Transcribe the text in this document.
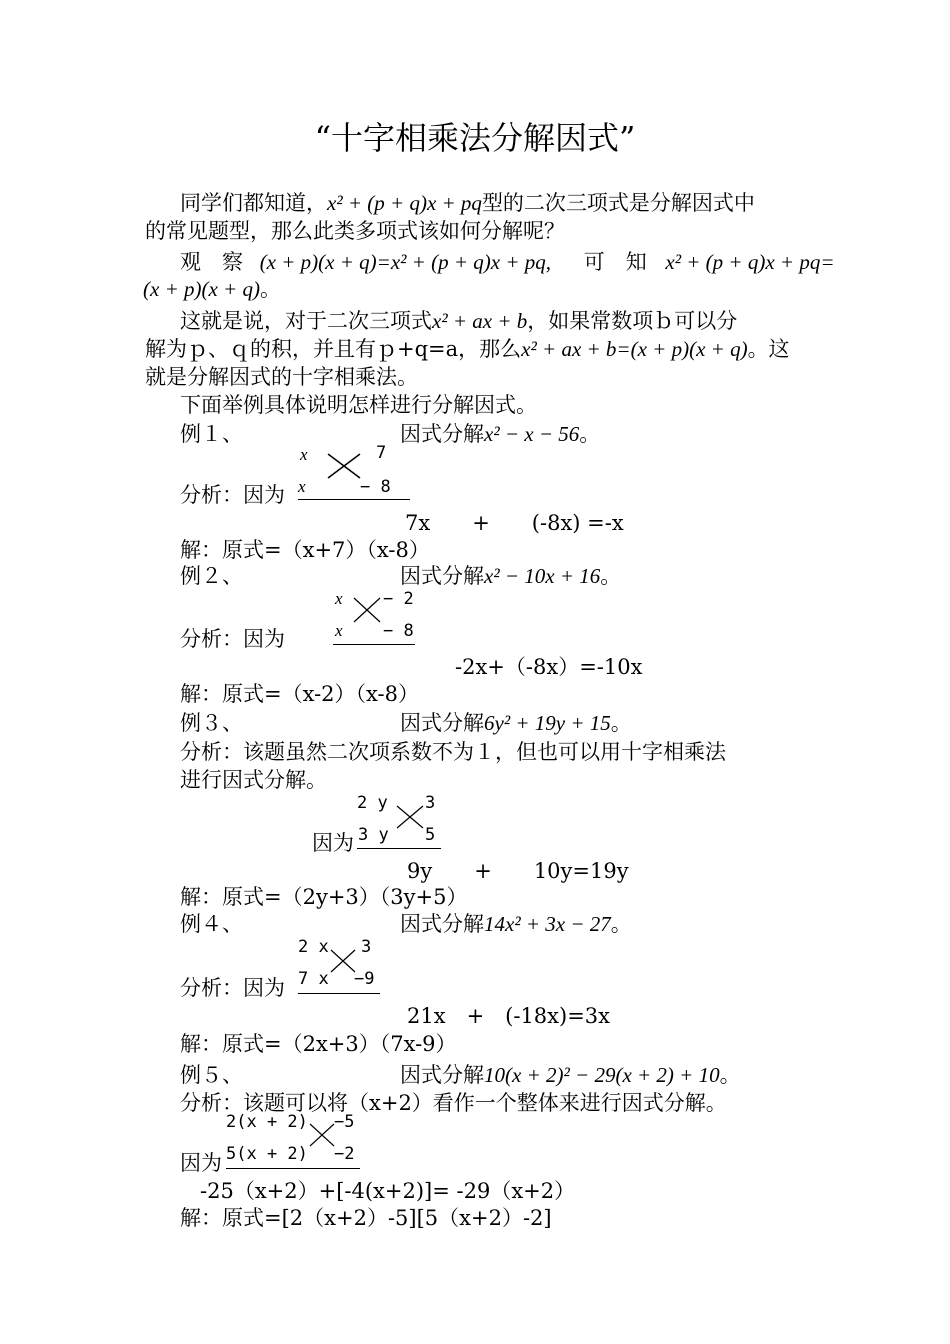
“十字相乘法分解因式”
同学们都知道，x² + (p + q)x + pq型的二次三项式是分解因式中
的常见题型，那么此类多项式该如何分解呢？
观　察 (x + p)(x + q)=x² + (p + q)x + pq, 可　知 x² + (p + q)x + pq=
(x + p)(x + q)。
这就是说，对于二次三项式x² + ax + b，如果常数项ｂ可以分
解为ｐ、ｑ的积，并且有ｐ+q=a，那么x² + ax + b=(x + p)(x + q)。这
就是分解因式的十字相乘法。
下面举例具体说明怎样进行分解因式。
例１、	因式分解x² − x − 56。
x	7
分析：因为 x	− 8
7x　　+　　(-8x) =-x
解：原式=（x+7）（x-8）
例２、	因式分解x² − 10x + 16。
x − 2
分析：因为	x − 8
-2x+（-8x）=-10x
解：原式=（x-2）（x-8）
例３、	因式分解6y² + 19y + 15。
分析：该题虽然二次项系数不为１，但也可以用十字相乘法
进行因式分解。
2 y 3
因为 3 y 5
9y　　+　　10y=19y
解：原式=（2y+3）（3y+5）
例４、	因式分解14x² + 3x − 27。
2 x 3
分析：因为 7 x −9
21x　+　(-18x)=3x
解：原式=（2x+3）（7x-9）
例５、	因式分解10(x + 2)² − 29(x + 2) + 10。
分析：该题可以将（x+2）看作一个整体来进行因式分解。
2(x + 2) −5
因为 5(x + 2) −2
-25（x+2）+[-4(x+2)]= -29（x+2）
解：原式=[2（x+2）-5][5（x+2）-2]
